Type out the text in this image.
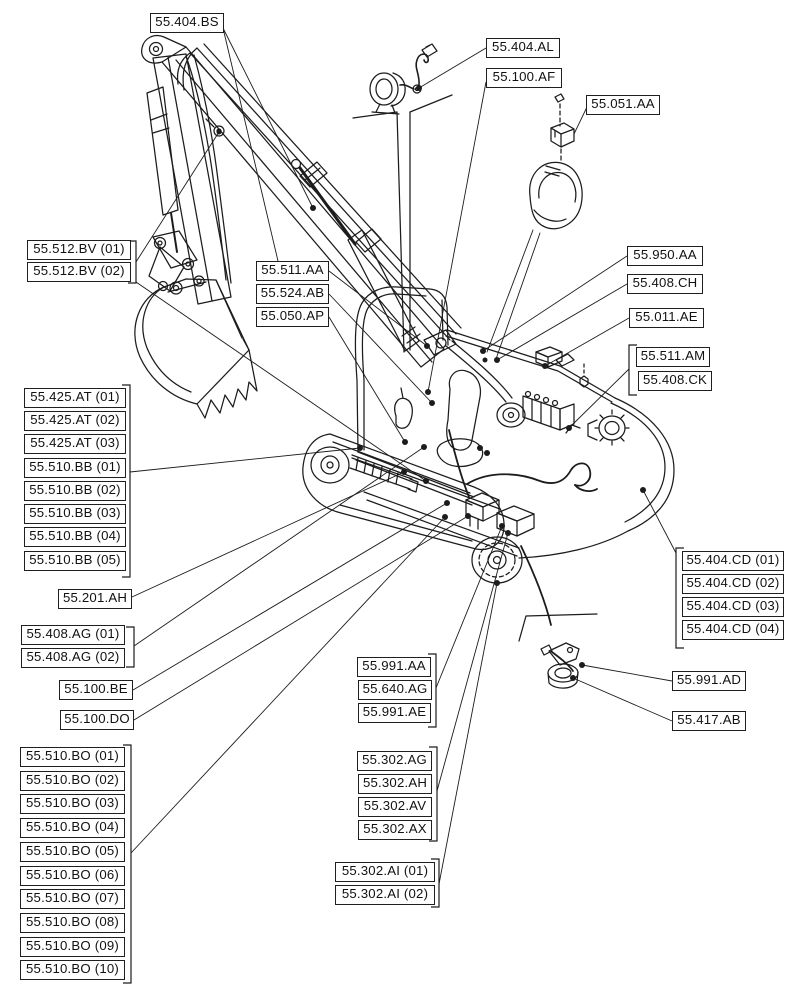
55.404.BS
55.404.AL
55.100.AF
55.051.AA
55.512.BV (01)
55.512.BV (02)	55.511.AA
55.524.AB
55.050.AP
55.950.AA
55.408.CH
55.011.AE
55.511.AM
55.408.CK
55.425.AT (01)
55.425.AT (02)
55.425.AT (03)
55.510.BB (01)
55.510.BB (02)
55.510.BB (03)
55.510.BB (04)
55.510.BB (05)
55.201.AH
55.408.AG (01)
55.408.AG (02)
55.100.BE
55.100.DO
55.510.BO (01)
55.510.BO (02)
55.510.BO (03)
55.510.BO (04)
55.510.BO (05)
55.510.BO (06)
55.510.BO (07)
55.510.BO (08)
55.510.BO (09)
55.510.BO (10)
55.991.AA
55.640.AG
55.991.AE
55.302.AG
55.302.AH
55.302.AV
55.302.AX
55.302.AI (01)
55.302.AI (02)
55.404.CD (01)
55.404.CD (02)
55.404.CD (03)
55.404.CD (04)
55.991.AD
55.417.AB
